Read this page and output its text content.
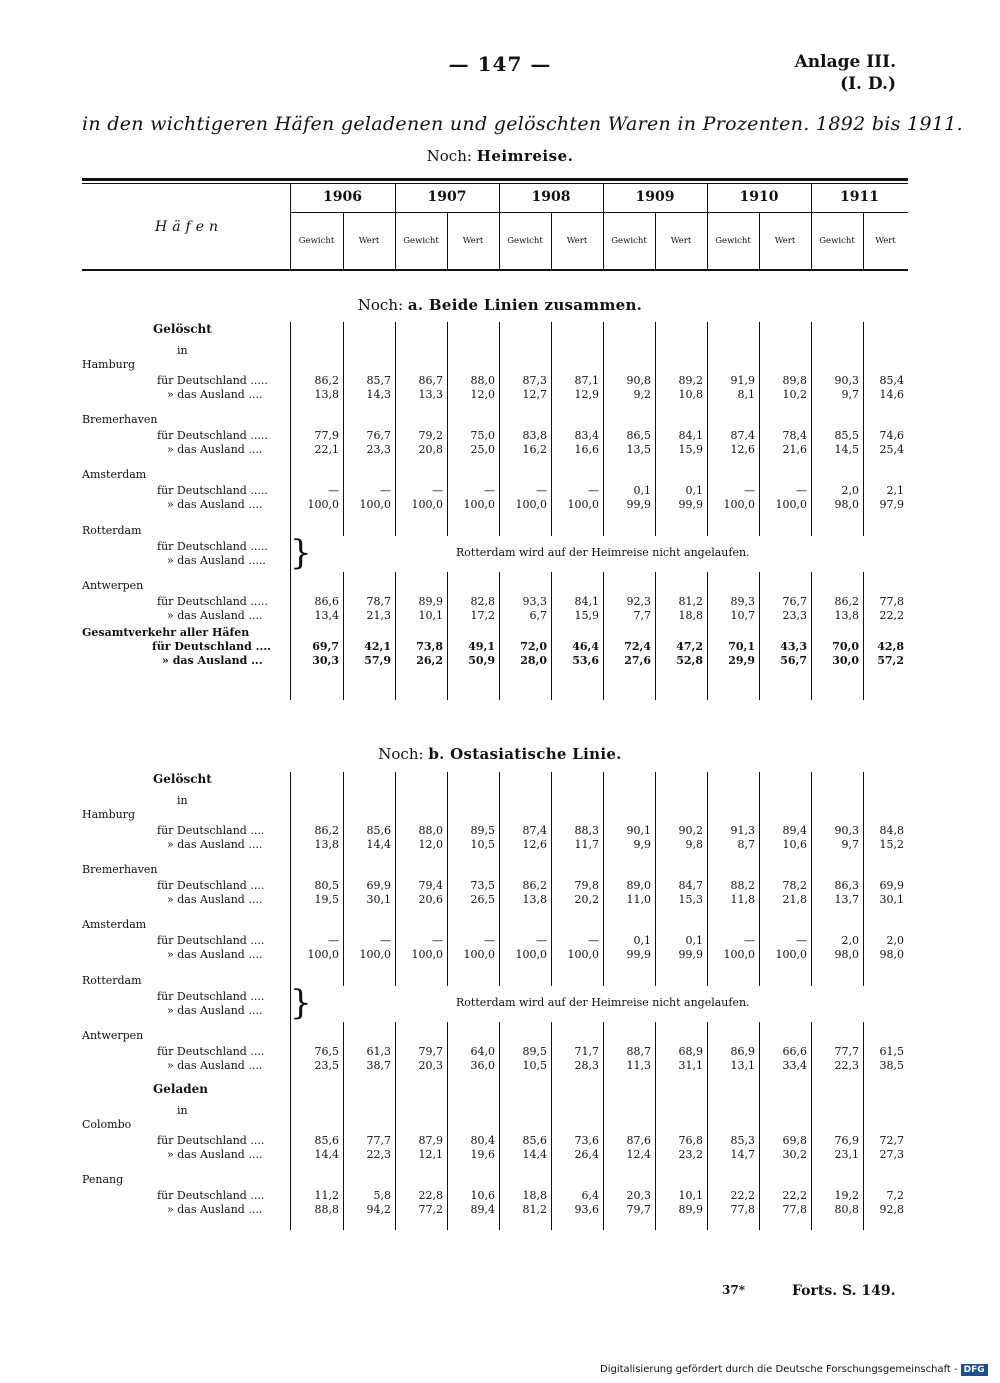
— 147 —	Anlage III.
(I. D.)
in den wichtigeren Häfen geladenen und gelöschten Waren in Prozenten. 1892 bis 1911.
Noch: Heimreise.
Häfen
1906
Gewicht	Wert
1907
Gewicht	Wert
1908
Gewicht	Wert
1909
Gewicht	Wert
1910
Gewicht	Wert
1911
Gewicht	Wert
Noch: a. Beide Linien zusammen.
Gelöscht
in
Hamburg
für Deutschland .....
» das Ausland ....
86,2	85,7	86,7	88,0	87,3	87,1	90,8	89,2	91,9	89,8	90,3	85,4
13,8	14,3	13,3	12,0	12,7	12,9	9,2	10,8	8,1	10,2	9,7	14,6
Bremerhaven
für Deutschland .....
» das Ausland ....
77,9	76,7	79,2	75,0	83,8	83,4	86,5	84,1	87,4	78,4	85,5	74,6
22,1	23,3	20,8	25,0	16,2	16,6	13,5	15,9	12,6	21,6	14,5	25,4
Amsterdam
für Deutschland .....
» das Ausland ....
—	—	—	—	—	—	0,1	0,1	—	—	2,0	2,1
100,0	100,0	100,0	100,0	100,0	100,0	99,9	99,9	100,0	100,0	98,0	97,9
Rotterdam
für Deutschland .....
» das Ausland ..... }	Rotterdam wird auf der Heimreise nicht angelaufen.
Antwerpen
für Deutschland .....
» das Ausland ....
86,6	78,7	89,9	82,8	93,3	84,1	92,3	81,2	89,3	76,7	86,2	77,8
13,4	21,3	10,1	17,2	6,7	15,9	7,7	18,8	10,7	23,3	13,8	22,2
Gesamtverkehr aller Häfen
für Deutschland ....
» das Ausland ...
69,7	42,1	73,8	49,1	72,0	46,4	72,4	47,2	70,1	43,3	70,0	42,8
30,3	57,9	26,2	50,9	28,0	53,6	27,6	52,8	29,9	56,7	30,0	57,2
Noch: b. Ostasiatische Linie.
Gelöscht
in
Geladen
in
Hamburg
für Deutschland ....
» das Ausland ....
86,2	85,6	88,0	89,5	87,4	88,3	90,1	90,2	91,3	89,4	90,3	84,8
13,8	14,4	12,0	10,5	12,6	11,7	9,9	9,8	8,7	10,6	9,7	15,2
Bremerhaven
für Deutschland ....
» das Ausland ....
80,5	69,9	79,4	73,5	86,2	79,8	89,0	84,7	88,2	78,2	86,3	69,9
19,5	30,1	20,6	26,5	13,8	20,2	11,0	15,3	11,8	21,8	13,7	30,1
Amsterdam
für Deutschland ....
» das Ausland ....
—	—	—	—	—	—	0,1	0,1	—	—	2,0	2,0
100,0	100,0	100,0	100,0	100,0	100,0	99,9	99,9	100,0	100,0	98,0	98,0
Rotterdam
für Deutschland ....
» das Ausland .... }	Rotterdam wird auf der Heimreise nicht angelaufen.
Antwerpen
für Deutschland ....
» das Ausland ....
76,5	61,3	79,7	64,0	89,5	71,7	88,7	68,9	86,9	66,6	77,7	61,5
23,5	38,7	20,3	36,0	10,5	28,3	11,3	31,1	13,1	33,4	22,3	38,5
Colombo
für Deutschland ....
» das Ausland ....
85,6	77,7	87,9	80,4	85,6	73,6	87,6	76,8	85,3	69,8	76,9	72,7
14,4	22,3	12,1	19,6	14,4	26,4	12,4	23,2	14,7	30,2	23,1	27,3
Penang
für Deutschland ....
» das Ausland ....
11,2	5,8	22,8	10,6	18,8	6,4	20,3	10,1	22,2	22,2	19,2	7,2
88,8	94,2	77,2	89,4	81,2	93,6	79,7	89,9	77,8	77,8	80,8	92,8
37*	Forts. S. 149.
Digitalisierung gefördert durch die Deutsche Forschungsgemeinschaft - DFG
